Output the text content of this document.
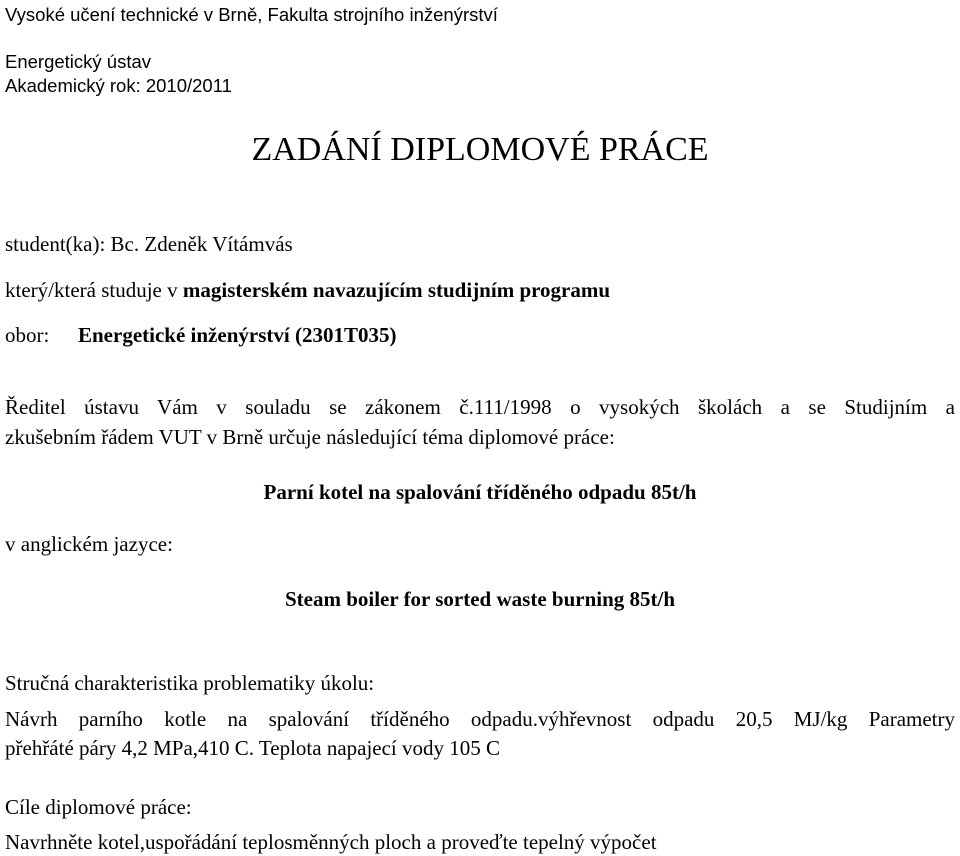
Vysoké učení technické v Brně, Fakulta strojního inženýrství
Energetický ústav
Akademický rok: 2010/2011
ZADÁNÍ DIPLOMOVÉ PRÁCE
student(ka): Bc. Zdeněk Vítámvás
který/která studuje v magisterském navazujícím studijním programu
obor: Energetické inženýrství (2301T035)
Ředitel ústavu Vám v souladu se zákonem č.111/1998 o vysokých školách a se Studijním a
zkušebním řádem VUT v Brně určuje následující téma diplomové práce:
Parní kotel na spalování tříděného odpadu 85t/h
v anglickém jazyce:
Steam boiler for sorted waste burning 85t/h
Stručná charakteristika problematiky úkolu:
Návrh parního kotle na spalování tříděného odpadu.výhřevnost odpadu 20,5 MJ/kg Parametry
přehřáté páry 4,2 MPa,410 C. Teplota napajecí vody 105 C
Cíle diplomové práce:
Navrhněte kotel,uspořádání teplosměnných ploch a proveďte tepelný výpočet
